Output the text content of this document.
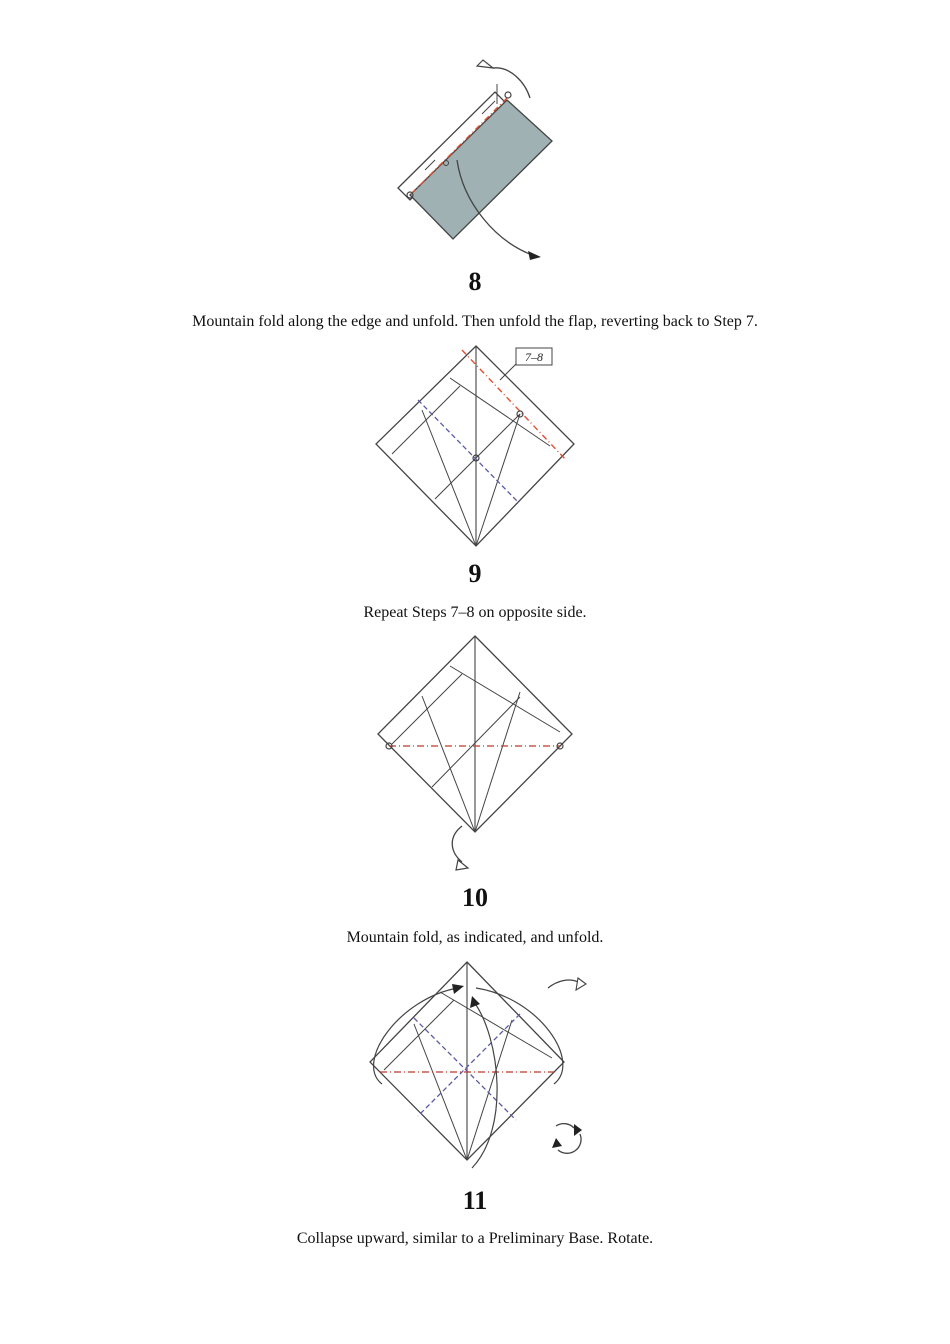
8
Mountain fold along the edge and unfold. Then unfold the flap, reverting back to Step 7.
7–8
9
Repeat Steps 7–8 on opposite side.
10
Mountain fold, as indicated, and unfold.
11
Collapse upward, similar to a Preliminary Base. Rotate.
